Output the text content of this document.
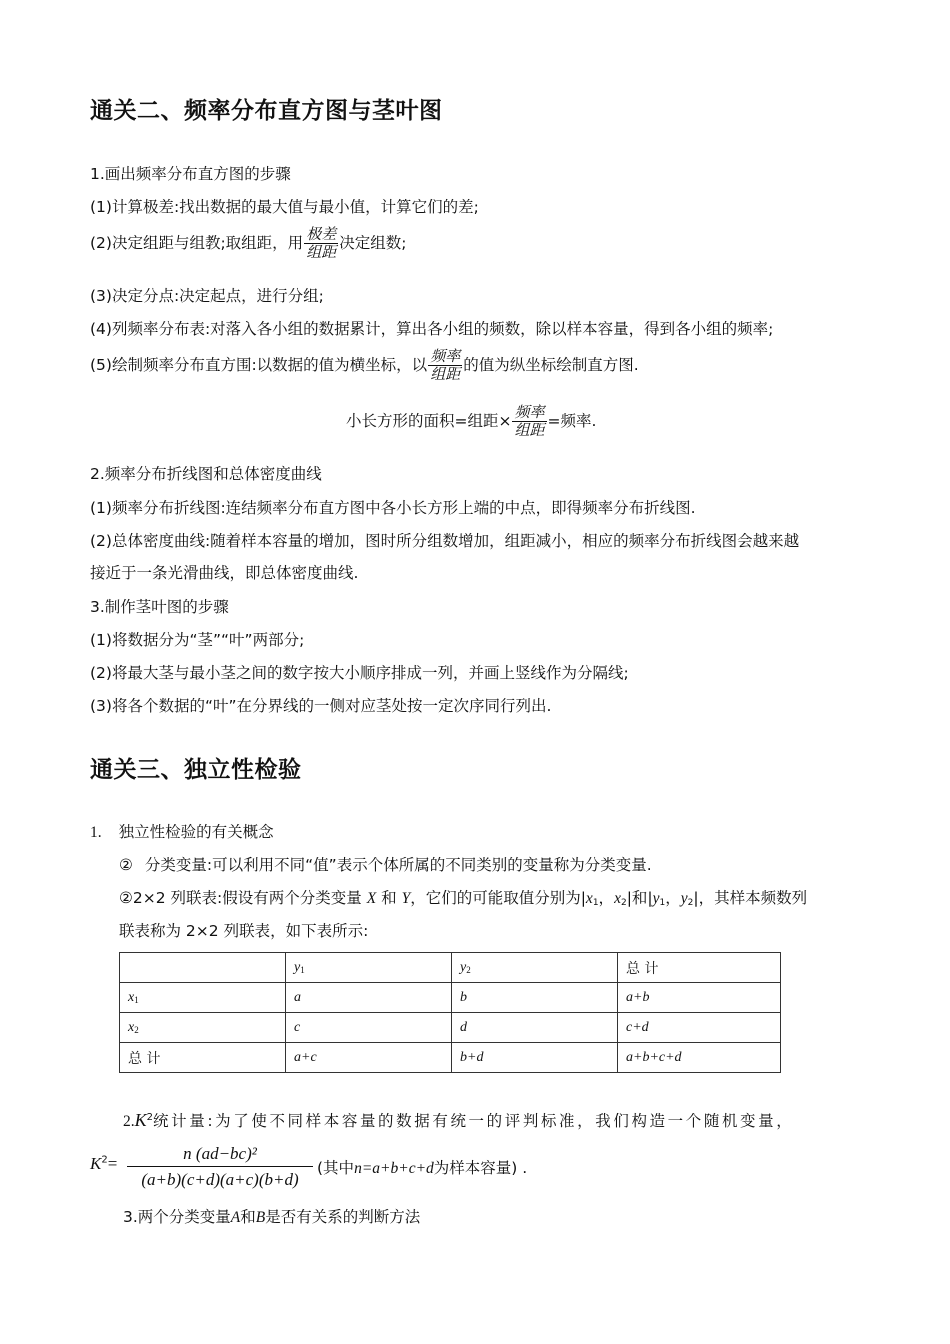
通关二、频率分布直方图与茎叶图
1.画出频率分布直方图的步骤
(1)计算极差:找出数据的最大值与最小值，计算它们的差;
(2)决定组距与组教;取组距，用 $\frac{\text{极差}}{\text{组距}}$ 决定组数;
(3)决定分点:决定起点，进行分组;
(4)列频率分布表:对落入各小组的数据累计，算出各小组的频数，除以样本容量，得到各小组的频率;
(5)绘制频率分布直方围:以数据的值为横坐标，以 $\frac{\text{频率}}{\text{组距}}$ 的值为纵坐标绘制直方图.
小长方形的面积=组距× $\frac{\text{频率}}{\text{组距}}$ =频率.
2.频率分布折线图和总体密度曲线
(1)频率分布折线图:连结频率分布直方图中各小长方形上端的中点，即得频率分布折线图.
(2)总体密度曲线:随着样本容量的增加，图时所分组数增加，组距减小，相应的频率分布折线图会越来越
接近于一条光滑曲线，即总体密度曲线.
3.制作茎叶图的步骤
(1)将数据分为“茎”“叶”两部分;
(2)将最大茎与最小茎之间的数字按大小顺序排成一列，并画上竖线作为分隔线;
(3)将各个数据的“叶”在分界线的一侧对应茎处按一定次序同行列出.
通关三、独立性检验
1. 独立性检验的有关概念
② 分类变量:可以利用不同“值”表示个体所属的不同类别的变量称为分类变量.
②2×2 列联表:假设有两个分类变量 X 和 Y，它们的可能取值分别为$|x_1$，$x_2|$和$|y_1$，$y_2|$，其样本频数列
联表称为 2×2 列联表，如下表所示:
	$y_1$	$y_2$	总 计
$x_1$	a	b	a+b
$x_2$	c	d	c+d
总 计	a+c	b+d	a+b+c+d
$2.K^2$统计量:为了使不同样本容量的数据有统一的评判标准，我们构造一个随机变量，
$K^2=$
n (ad−bc)²
(a+b)(c+d)(a+c)(b+d)
(其中n=a+b+c+d为样本容量) .
3.两个分类变量A和B是否有关系的判断方法
